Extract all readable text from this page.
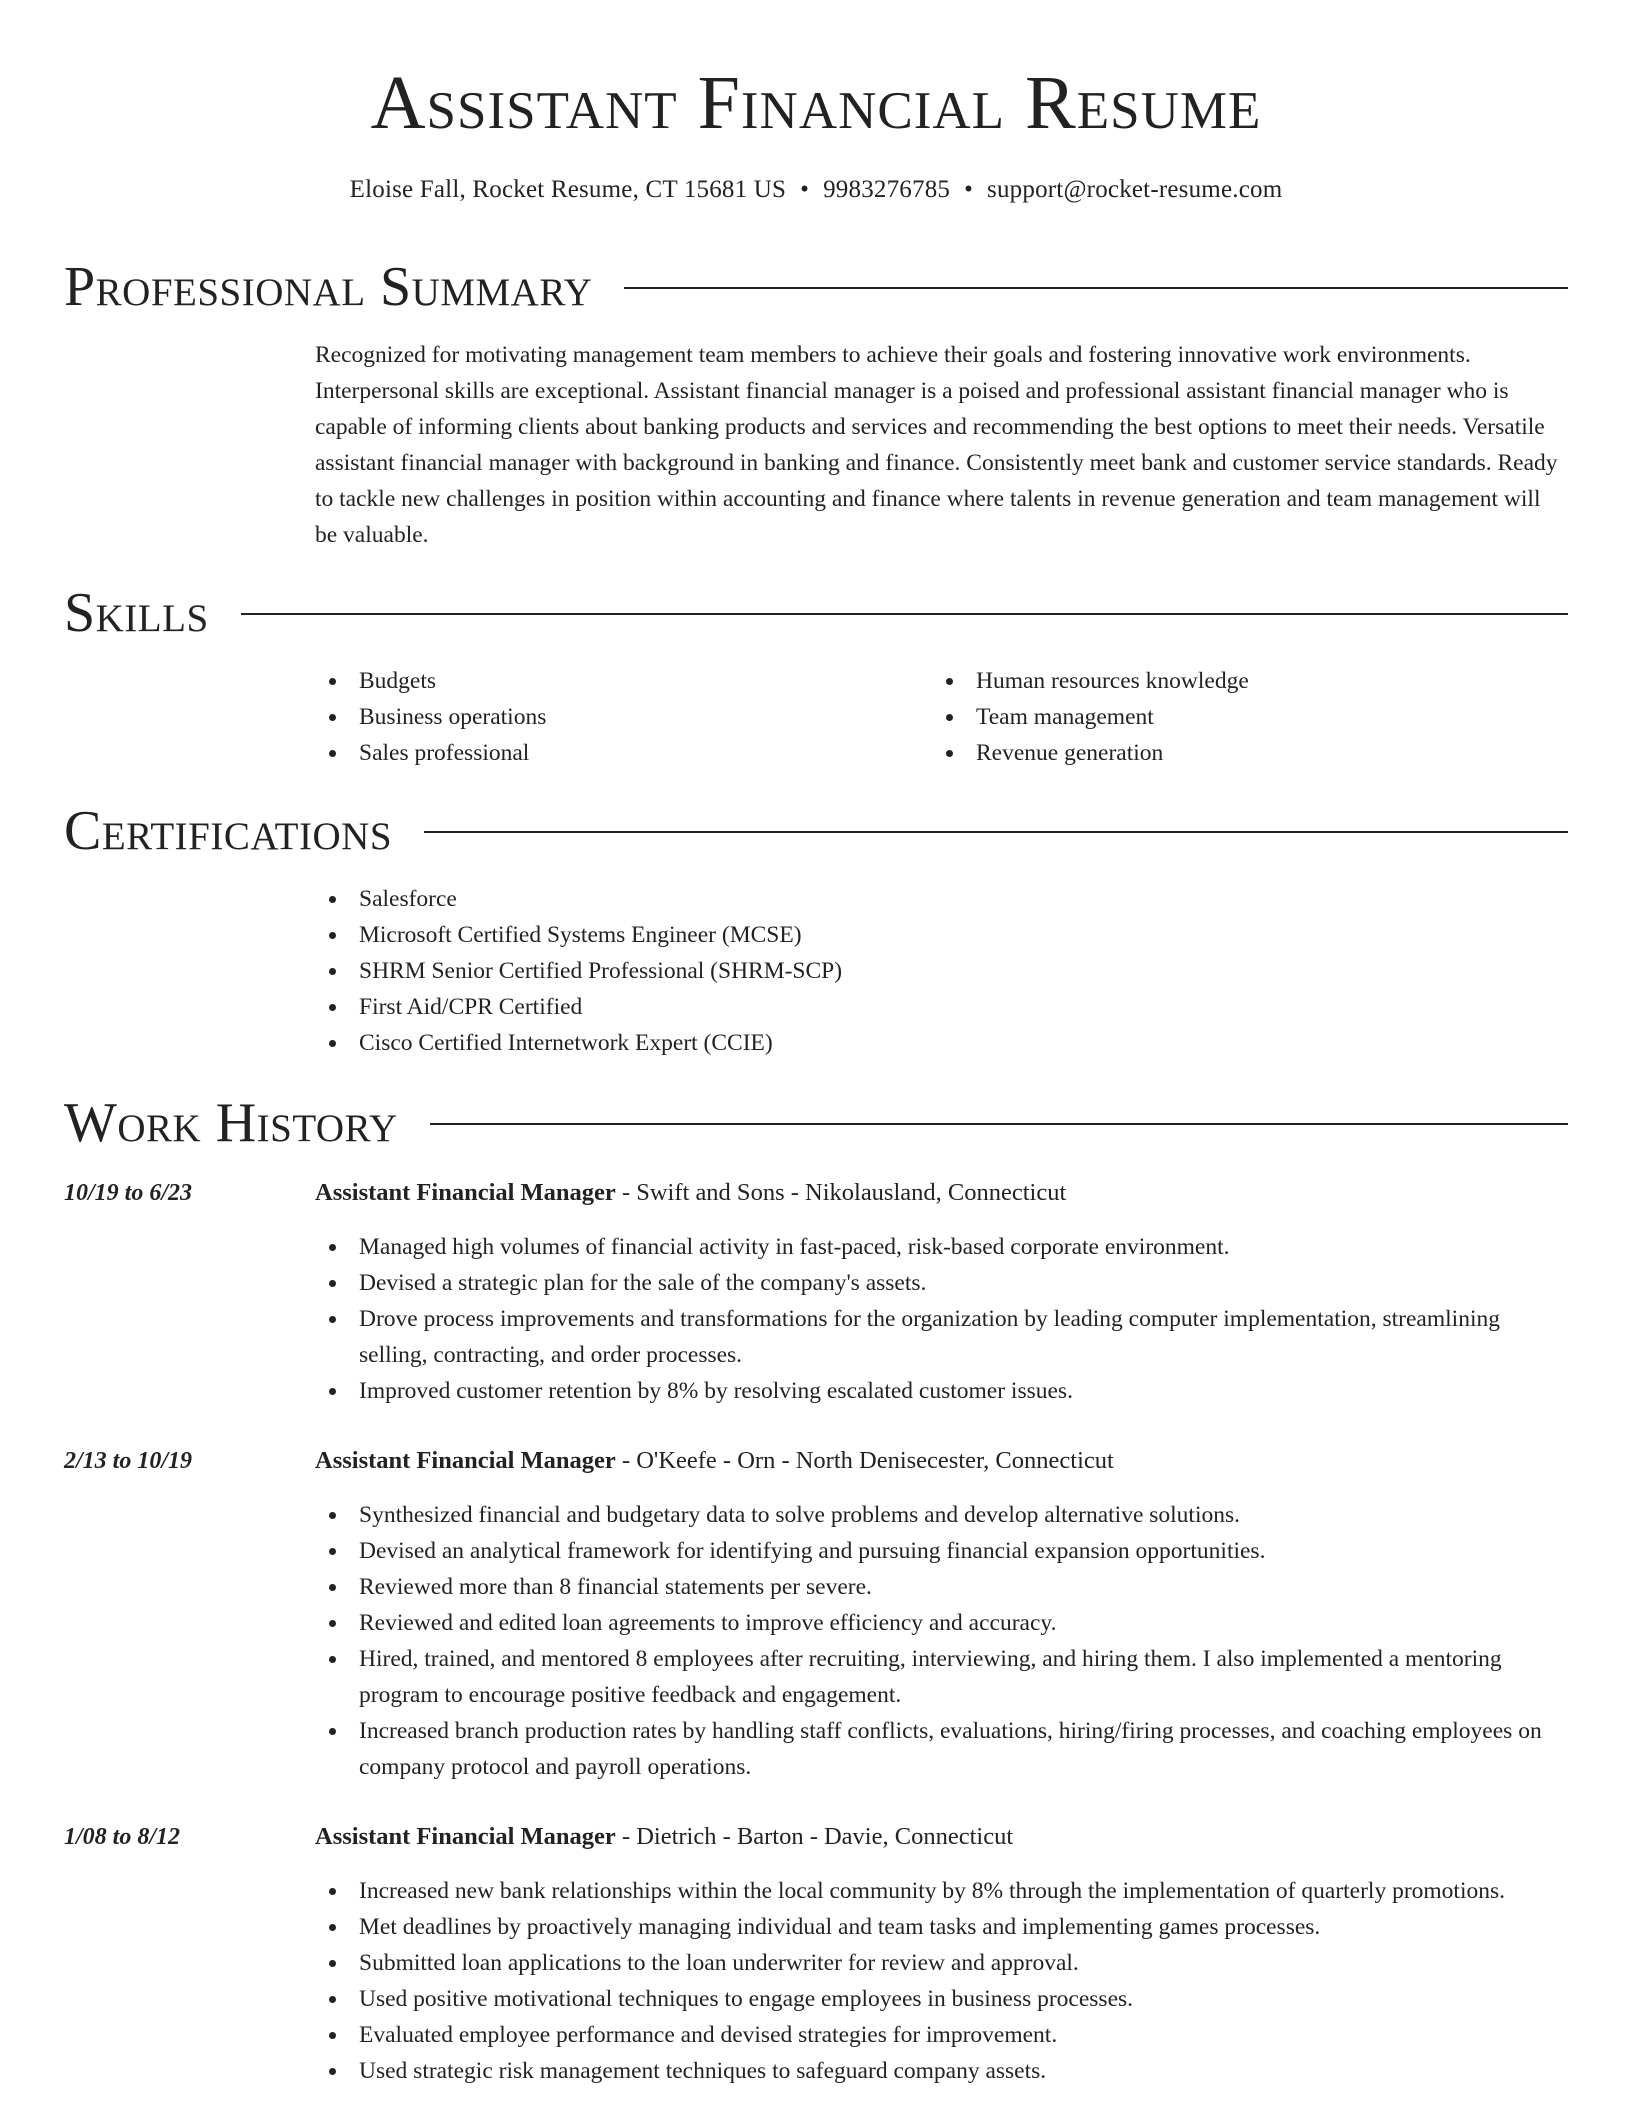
Assistant Financial Resume
Eloise Fall, Rocket Resume, CT 15681 US • 9983276785 • support@rocket-resume.com
Professional Summary

Recognized for motivating management team members to achieve their goals and fostering innovative work environments. Interpersonal skills are exceptional. Assistant financial manager is a poised and professional assistant financial manager who is capable of informing clients about banking products and services and recommending the best options to meet their needs. Versatile assistant financial manager with background in banking and finance. Consistently meet bank and customer service standards. Ready to tackle new challenges in position within accounting and finance where talents in revenue generation and team management will be valuable.

Skills
Budgets
Business operations
Sales professional
Human resources knowledge
Team management
Revenue generation
Certifications
Salesforce
Microsoft Certified Systems Engineer (MCSE)
SHRM Senior Certified Professional (SHRM-SCP)
First Aid/CPR Certified
Cisco Certified Internetwork Expert (CCIE)
Work History
10/19 to 6/23	Assistant Financial Manager - Swift and Sons - Nikolausland, Connecticut
Managed high volumes of financial activity in fast-paced, risk-based corporate environment.
Devised a strategic plan for the sale of the company's assets.
Drove process improvements and transformations for the organization by leading computer implementation, streamlining selling, contracting, and order processes.
Improved customer retention by 8% by resolving escalated customer issues.
2/13 to 10/19	Assistant Financial Manager - O'Keefe - Orn - North Denisecester, Connecticut
Synthesized financial and budgetary data to solve problems and develop alternative solutions.
Devised an analytical framework for identifying and pursuing financial expansion opportunities.
Reviewed more than 8 financial statements per severe.
Reviewed and edited loan agreements to improve efficiency and accuracy.
Hired, trained, and mentored 8 employees after recruiting, interviewing, and hiring them. I also implemented a mentoring program to encourage positive feedback and engagement.
Increased branch production rates by handling staff conflicts, evaluations, hiring/firing processes, and coaching employees on company protocol and payroll operations.
1/08 to 8/12	Assistant Financial Manager - Dietrich - Barton - Davie, Connecticut
Increased new bank relationships within the local community by 8% through the implementation of quarterly promotions.
Met deadlines by proactively managing individual and team tasks and implementing games processes.
Submitted loan applications to the loan underwriter for review and approval.
Used positive motivational techniques to engage employees in business processes.
Evaluated employee performance and devised strategies for improvement.
Used strategic risk management techniques to safeguard company assets.
